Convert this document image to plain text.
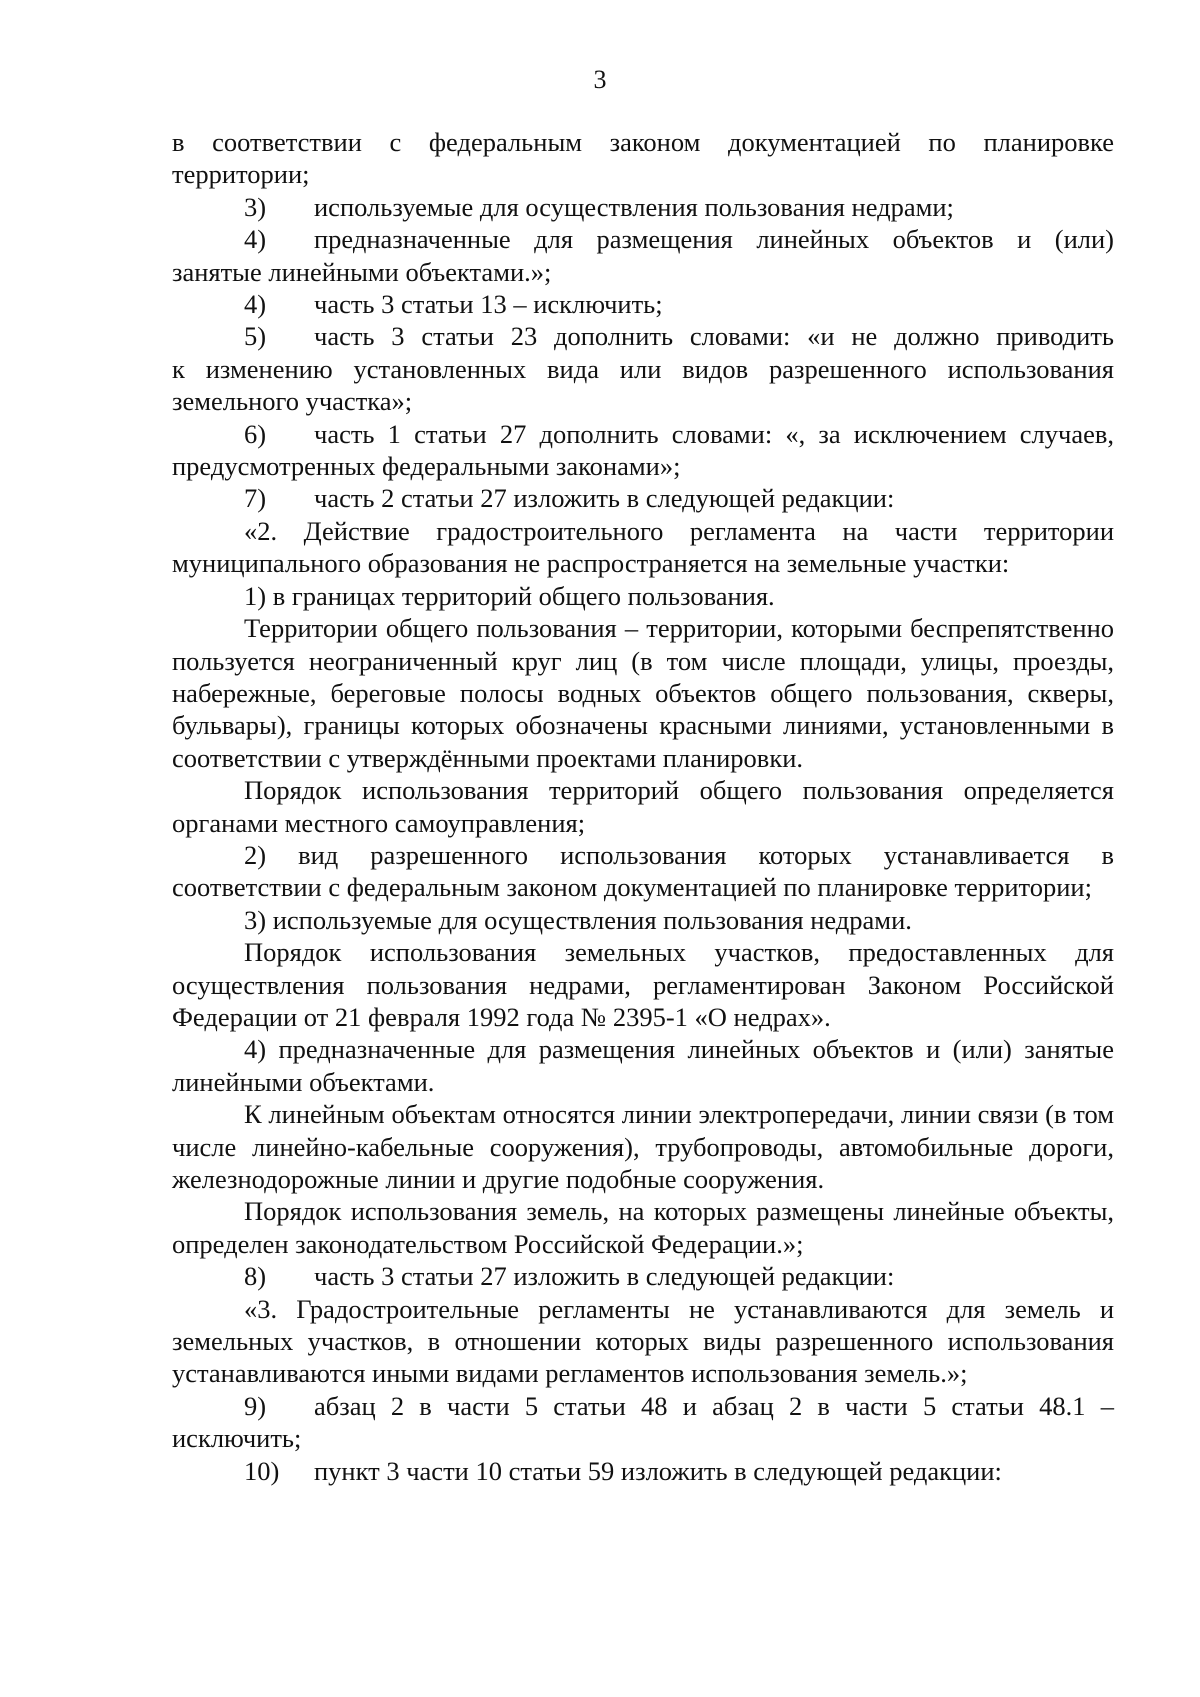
3
в соответствии с федеральным законом документацией по планировке
территории;
3)	используемые для осуществления пользования недрами;
4)	предназначенные для размещения линейных объектов и (или)
занятые линейными объектами.»;
4)	часть 3 статьи 13 – исключить;
5)	часть 3 статьи 23 дополнить словами: «и не должно приводить
к изменению установленных вида или видов разрешенного использования земельного участка»;
6)	часть 1 статьи 27 дополнить словами: «, за исключением случаев,
предусмотренных федеральными законами»;
7)	часть 2 статьи 27 изложить в следующей редакции:

«2. Действие градостроительного регламента на части территории муниципального образования не распространяется на земельные участки:

1) в границах территорий общего пользования.

Территории общего пользования – территории, которыми беспрепятственно пользуется неограниченный круг лиц (в том числе площади, улицы, проезды, набережные, береговые полосы водных объектов общего пользования, скверы, бульвары), границы которых обозначены красными линиями, установленными в соответствии с утверждёнными проектами планировки.

Порядок использования территорий общего пользования определяется органами местного самоуправления;

2) вид разрешенного использования которых устанавливается в соответствии с федеральным законом документацией по планировке территории;

3) используемые для осуществления пользования недрами.

Порядок использования земельных участков, предоставленных для осуществления пользования недрами, регламентирован Законом Российской Федерации от 21 февраля 1992 года № 2395-1 «О недрах».

4) предназначенные для размещения линейных объектов и (или) занятые линейными объектами.

К линейным объектам относятся линии электропередачи, линии связи (в том числе линейно-кабельные сооружения), трубопроводы, автомобильные дороги, железнодорожные линии и другие подобные сооружения.

Порядок использования земель, на которых размещены линейные объекты, определен законодательством Российской Федерации.»;

8)	часть 3 статьи 27 изложить в следующей редакции:

«3. Градостроительные регламенты не устанавливаются для земель и земельных участков, в отношении которых виды разрешенного использования устанавливаются иными видами регламентов использования земель.»;

9)	абзац 2 в части 5 статьи 48 и абзац 2 в части 5 статьи 48.1 –
исключить;
10)	пункт 3 части 10 статьи 59 изложить в следующей редакции:
